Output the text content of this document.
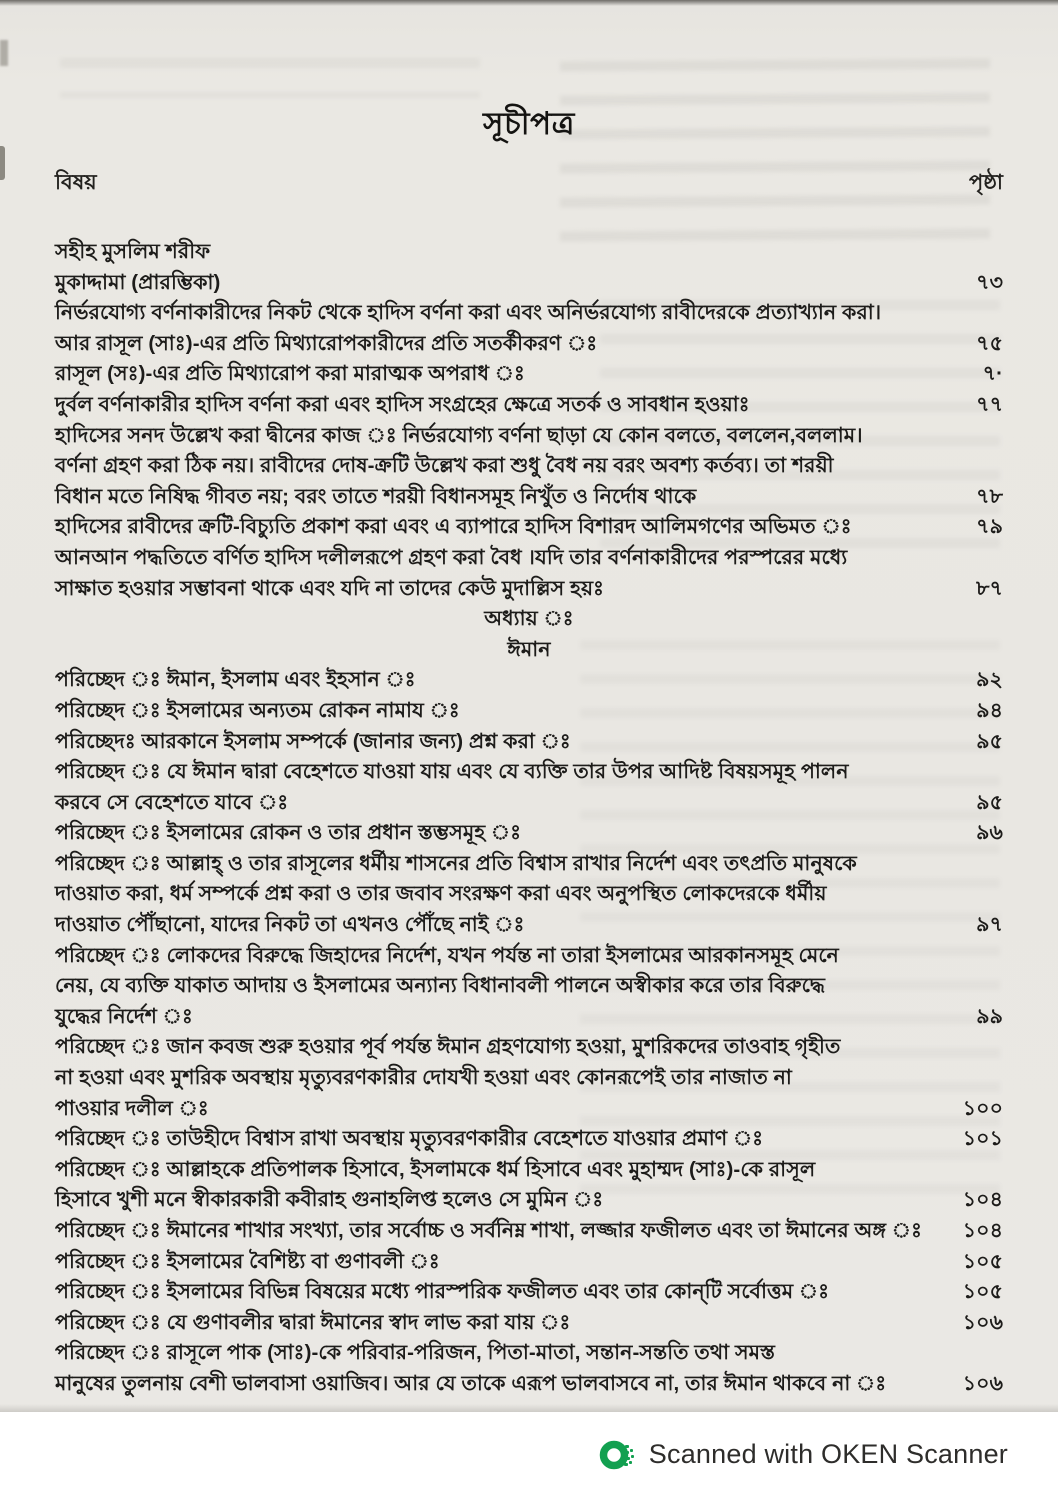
সূচীপত্র
বিষয়	পৃষ্ঠা
সহীহ মুসলিম শরীফ
মুকাদ্দামা (প্রারম্ভিকা)	৭৩
নির্ভরযোগ্য বর্ণনাকারীদের নিকট থেকে হাদিস বর্ণনা করা এবং অনির্ভরযোগ্য রাবীদেরকে প্রত্যাখ্যান করা।
আর রাসূল (সাঃ)-এর প্রতি মিথ্যারোপকারীদের প্রতি সতর্কীকরণ ঃ	৭৫
রাসূল (সঃ)-এর প্রতি মিথ্যারোপ করা মারাত্মক অপরাধ ঃ	৭·
দুর্বল বর্ণনাকারীর হাদিস বর্ণনা করা এবং হাদিস সংগ্রহের ক্ষেত্রে সতর্ক ও সাবধান হওয়াঃ	৭৭
হাদিসের সনদ উল্লেখ করা দ্বীনের কাজ ঃ নির্ভরযোগ্য বর্ণনা ছাড়া যে কোন বলতে, বললেন,বললাম।
বর্ণনা গ্রহণ করা ঠিক নয়। রাবীদের দোষ-ক্রটি উল্লেখ করা শুধু বৈধ নয় বরং অবশ্য কর্তব্য। তা শরয়ী
বিধান মতে নিষিদ্ধ গীবত নয়; বরং তাতে শরয়ী বিধানসমূহ নিখুঁত ও নির্দোষ থাকে	৭৮
হাদিসের রাবীদের ক্রটি-বিচ্যুতি প্রকাশ করা এবং এ ব্যাপারে হাদিস বিশারদ আলিমগণের অভিমত ঃ	৭৯
আনআন পদ্ধতিতে বর্ণিত হাদিস দলীলরূপে গ্রহণ করা বৈধ ।যদি তার বর্ণনাকারীদের পরস্পরের মধ্যে
সাক্ষাত হওয়ার সম্ভাবনা থাকে এবং যদি না তাদের কেউ মুদাল্লিস হয়ঃ	৮৭
অধ্যায় ঃ
ঈমান
পরিচ্ছেদ ঃ ঈমান, ইসলাম এবং ইহসান ঃ	৯২
পরিচ্ছেদ ঃ ইসলামের অন্যতম রোকন নামায ঃ	৯৪
পরিচ্ছেদঃ আরকানে ইসলাম সম্পর্কে (জানার জন্য) প্রশ্ন করা ঃ	৯৫
পরিচ্ছেদ ঃ যে ঈমান দ্বারা বেহেশতে যাওয়া যায় এবং যে ব্যক্তি তার উপর আদিষ্ট বিষয়সমূহ পালন
করবে সে বেহেশতে যাবে ঃ	৯৫
পরিচ্ছেদ ঃ ইসলামের রোকন ও তার প্রধান স্তম্ভসমূহ ঃ	৯৬
পরিচ্ছেদ ঃ আল্লাহ্ ও তার রাসূলের ধর্মীয় শাসনের প্রতি বিশ্বাস রাখার নির্দেশ এবং তৎপ্রতি মানুষকে
দাওয়াত করা, ধর্ম সম্পর্কে প্রশ্ন করা ও তার জবাব সংরক্ষণ করা এবং অনুপস্থিত লোকদেরকে ধর্মীয়
দাওয়াত পৌঁছানো, যাদের নিকট তা এখনও পৌঁছে নাই ঃ	৯৭
পরিচ্ছেদ ঃ লোকদের বিরুদ্ধে জিহাদের নির্দেশ, যখন পর্যন্ত না তারা ইসলামের আরকানসমূহ মেনে
নেয়, যে ব্যক্তি যাকাত আদায় ও ইসলামের অন্যান্য বিধানাবলী পালনে অস্বীকার করে তার বিরুদ্ধে
যুদ্ধের নির্দেশ ঃ	৯৯
পরিচ্ছেদ ঃ জান কবজ শুরু হওয়ার পূর্ব পর্যন্ত ঈমান গ্রহণযোগ্য হওয়া, মুশরিকদের তাওবাহ গৃহীত
না হওয়া এবং মুশরিক অবস্থায় মৃত্যুবরণকারীর দোযখী হওয়া এবং কোনরূপেই তার নাজাত না
পাওয়ার দলীল ঃ	১০০
পরিচ্ছেদ ঃ তাউহীদে বিশ্বাস রাখা অবস্থায় মৃত্যুবরণকারীর বেহেশতে যাওয়ার প্রমাণ ঃ	১০১
পরিচ্ছেদ ঃ আল্লাহকে প্রতিপালক হিসাবে, ইসলামকে ধর্ম হিসাবে এবং মুহাম্মদ (সাঃ)-কে রাসূল
হিসাবে খুশী মনে স্বীকারকারী কবীরাহ গুনাহলিপ্ত হলেও সে মুমিন ঃ	১০৪
পরিচ্ছেদ ঃ ঈমানের শাখার সংখ্যা, তার সর্বোচ্চ ও সর্বনিম্ন শাখা, লজ্জার ফজীলত এবং তা ঈমানের অঙ্গ ঃ	১০৪
পরিচ্ছেদ ঃ ইসলামের বৈশিষ্ট্য বা গুণাবলী ঃ	১০৫
পরিচ্ছেদ ঃ ইসলামের বিভিন্ন বিষয়ের মধ্যে পারস্পরিক ফজীলত এবং তার কোন্‌টি সর্বোত্তম ঃ	১০৫
পরিচ্ছেদ ঃ যে গুণাবলীর দ্বারা ঈমানের স্বাদ লাভ করা যায় ঃ	১০৬
পরিচ্ছেদ ঃ রাসূলে পাক (সাঃ)-কে পরিবার-পরিজন, পিতা-মাতা, সন্তান-সন্ততি তথা সমস্ত
মানুষের তুলনায় বেশী ভালবাসা ওয়াজিব। আর যে তাকে এরূপ ভালবাসবে না, তার ঈমান থাকবে না ঃ	১০৬
Scanned with OKEN Scanner
